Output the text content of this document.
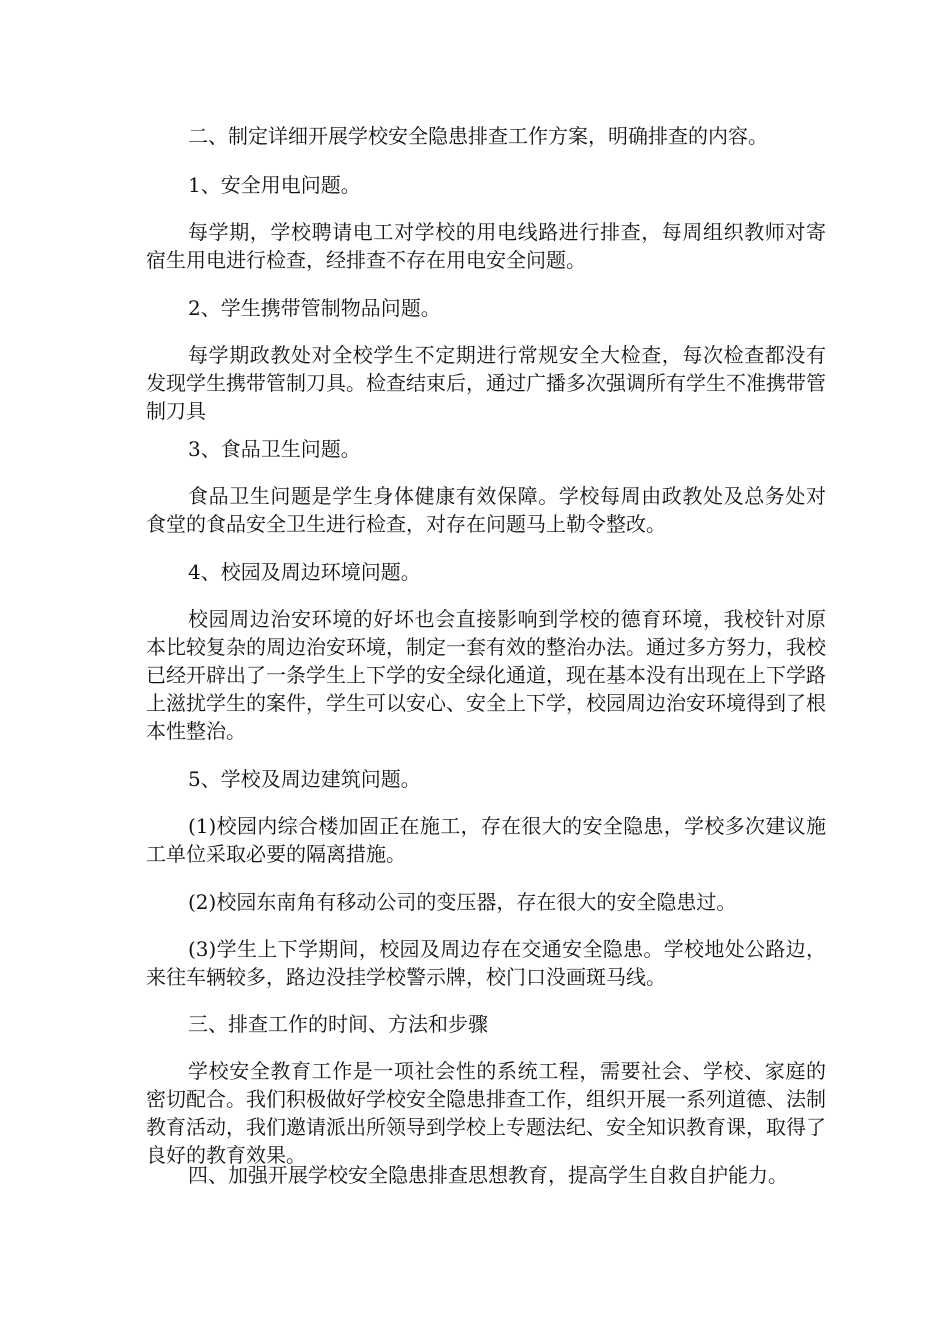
二、制定详细开展学校安全隐患排查工作方案，明确排查的内容。

1、安全用电问题。

每学期，学校聘请电工对学校的用电线路进行排查，每周组织教师对寄宿生用电进行检查，经排查不存在用电安全问题。

2、学生携带管制物品问题。

每学期政教处对全校学生不定期进行常规安全大检查，每次检查都没有发现学生携带管制刀具。检查结束后，通过广播多次强调所有学生不准携带管制刀具

3、食品卫生问题。

食品卫生问题是学生身体健康有效保障。学校每周由政教处及总务处对食堂的食品安全卫生进行检查，对存在问题马上勒令整改。

4、校园及周边环境问题。

校园周边治安环境的好坏也会直接影响到学校的德育环境，我校针对原本比较复杂的周边治安环境，制定一套有效的整治办法。通过多方努力，我校已经开辟出了一条学生上下学的安全绿化通道，现在基本没有出现在上下学路上滋扰学生的案件，学生可以安心、安全上下学，校园周边治安环境得到了根本性整治。

5、学校及周边建筑问题。

(1)校园内综合楼加固正在施工，存在很大的安全隐患，学校多次建议施工单位采取必要的隔离措施。

(2)校园东南角有移动公司的变压器，存在很大的安全隐患过。

(3)学生上下学期间，校园及周边存在交通安全隐患。学校地处公路边，来往车辆较多，路边没挂学校警示牌，校门口没画斑马线。

三、排查工作的时间、方法和步骤

学校安全教育工作是一项社会性的系统工程，需要社会、学校、家庭的密切配合。我们积极做好学校安全隐患排查工作，组织开展一系列道德、法制教育活动，我们邀请派出所领导到学校上专题法纪、安全知识教育课，取得了良好的教育效果。

四、加强开展学校安全隐患排查思想教育，提高学生自救自护能力。
